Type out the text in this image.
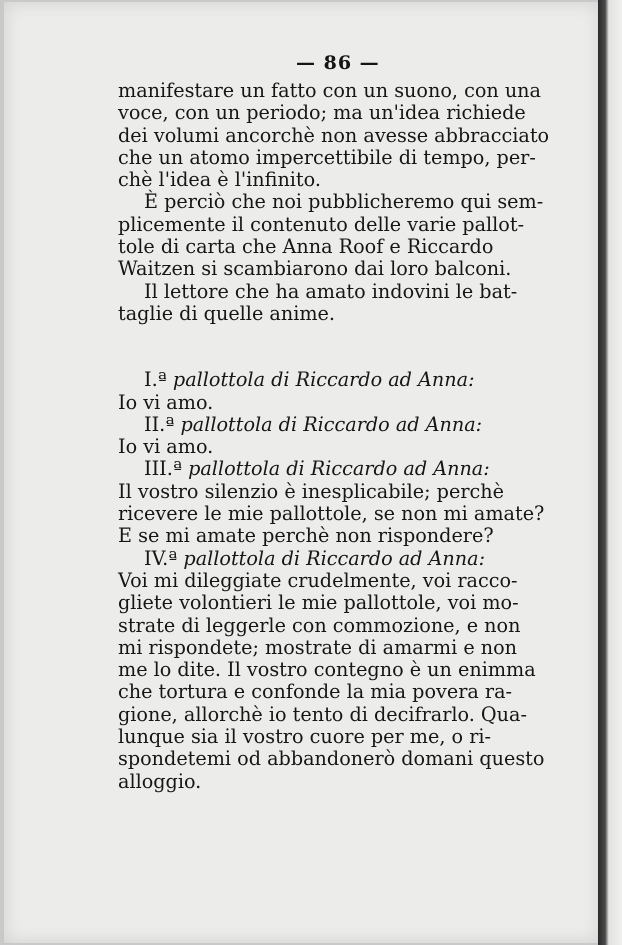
— 86 —
manifestare un fatto con un suono, con una
voce, con un periodo; ma un'idea richiede
dei volumi ancorchè non avesse abbracciato
che un atomo impercettibile di tempo, per-
chè l'idea è l'infinito.
È perciò che noi pubblicheremo qui sem-
plicemente il contenuto delle varie pallot-
tole di carta che Anna Roof e Riccardo
Waitzen si scambiarono dai loro balconi.
Il lettore che ha amato indovini le bat-
taglie di quelle anime.
I.ª pallottola di Riccardo ad Anna:
Io vi amo.
II.ª pallottola di Riccardo ad Anna:
Io vi amo.
III.ª pallottola di Riccardo ad Anna:
Il vostro silenzio è inesplicabile; perchè
ricevere le mie pallottole, se non mi amate?
E se mi amate perchè non rispondere?
IV.ª pallottola di Riccardo ad Anna:
Voi mi dileggiate crudelmente, voi racco-
gliete volontieri le mie pallottole, voi mo-
strate di leggerle con commozione, e non
mi rispondete; mostrate di amarmi e non
me lo dite. Il vostro contegno è un enimma
che tortura e confonde la mia povera ra-
gione, allorchè io tento di decifrarlo. Qua-
lunque sia il vostro cuore per me, o ri-
spondetemi od abbandonerò domani questo
alloggio.
